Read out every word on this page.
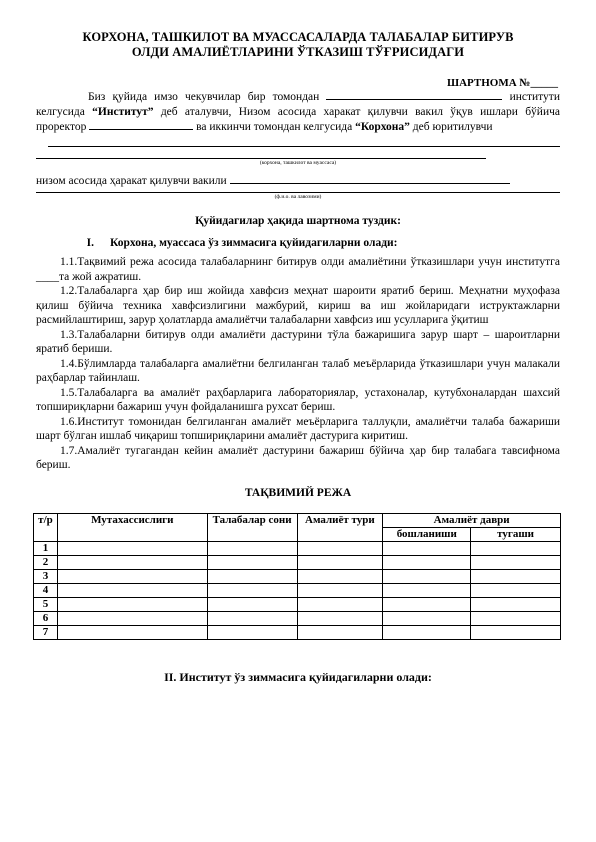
КОРХОНА, ТАШКИЛОТ ВА МУАССАСАЛАРДА ТАЛАБАЛАР БИТИРУВ
ОЛДИ АМАЛИЁТЛАРИНИ ЎТКАЗИШ ТЎҒРИСИДАГИ
ШАРТНОМА №_____

Биз қуйида имзо чекувчилар бир томондан	институти келгусида “Институт” деб аталувчи, Низом асосида харакат қилувчи вакил ўқув ишлари бўйича проректор	ва иккинчи томондан келгусида “Корхона” деб юритилувчи

(корхона, ташкилот ва муассаса)

низом асосида ҳаракат қилувчи вакили

(ф.и.о. ва лавозими)
Қуйидагилар ҳақида шартнома туздик:
I. Корхона, муассаса ўз зиммасига қуйидагиларни олади:

1.1.Тақвимий режа асосида талабаларнинг битирув олди амалиётини ўтказишлари учун институтга ____та жой ажратиш.

1.2.Талабаларга ҳар бир иш жойида хавфсиз меҳнат шароити яратиб бериш. Меҳнатни муҳофаза қилиш бўйича техника хавфсизлигини мажбурий, кириш ва иш жойларидаги иструктажларни расмийлаштириш, зарур ҳолатларда амалиётчи талабаларни хавфсиз иш усулларига ўқитиш

1.3.Талабаларни битирув олди амалиёти дастурини тўла бажаришига зарур шарт – шароитларни яратиб бериши.

1.4.Бўлимларда талабаларга амалиётни белгиланган талаб меъёрларида ўтказишлари учун малакали раҳбарлар тайинлаш.

1.5.Талабаларга ва амалиёт раҳбарларига лабораториялар, устахоналар, кутубхоналардан шахсий топшириқларни бажариш учун фойдаланишга рухсат бериш.

1.6.Институт томонидан белгиланган амалиёт меъёрларига таллуқли, амалиётчи талаба бажариши шарт бўлган ишлаб чиқариш топшириқларини амалиёт дастурига киритиш.

1.7.Амалиёт тугагандан кейин амалиёт дастурини бажариш бўйича ҳар бир талабага тавсифнома бериш.

ТАҚВИМИЙ РЕЖА
т/р	Мутахассислиги	Талабалар сони	Амалиёт тури	Амалиёт даври	
				бошланиши	тугаши
1					
2					
3					
4					
5					
6					
7					
II. Институт ўз зиммасига қуйидагиларни олади:
